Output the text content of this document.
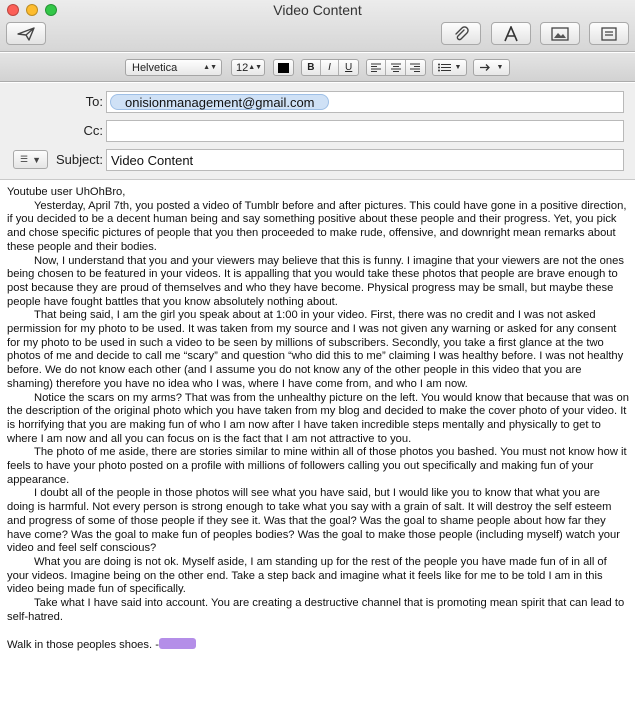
Video Content
Helvetica	▲▼	12 ▲▼	B	I	U	▼	▼
To:	onisionmanagement@gmail.com
Cc:
☰ ▼	Subject: Video Content

Youtube user UhOhBro,

Yesterday, April 7th, you posted a video of Tumblr before and after pictures. This could have gone in a positive direction, if you decided to be a decent human being and say something positive about these people and their progress. Yet, you pick and chose specific pictures of people that you then proceeded to make rude, offensive, and downright mean remarks about these people and their bodies.

Now, I understand that you and your viewers may believe that this is funny. I imagine that your viewers are not the ones being chosen to be featured in your videos. It is appalling that you would take these photos that people are brave enough to post because they are proud of themselves and who they have become. Physical progress may be small, but maybe these people have fought battles that you know absolutely nothing about.

That being said, I am the girl you speak about at 1:00 in your video. First, there was no credit and I was not asked permission for my photo to be used. It was taken from my source and I was not given any warning or asked for any consent for my photo to be used in such a video to be seen by millions of subscribers. Secondly, you take a first glance at the two photos of me and decide to call me “scary” and question “who did this to me” claiming I was healthy before. I was not healthy before. We do not know each other (and I assume you do not know any of the other people in this video that you are shaming) therefore you have no idea who I was, where I have come from, and who I am now.

Notice the scars on my arms? That was from the unhealthy picture on the left. You would know that because that was on the description of the original photo which you have taken from my blog and decided to make the cover photo of your video. It is horrifying that you are making fun of who I am now after I have taken incredible steps mentally and physically to get to where I am now and all you can focus on is the fact that I am not attractive to you.

The photo of me aside, there are stories similar to mine within all of those photos you bashed. You must not know how it feels to have your photo posted on a profile with millions of followers calling you out specifically and making fun of your appearance.

I doubt all of the people in those photos will see what you have said, but I would like you to know that what you are doing is harmful. Not every person is strong enough to take what you say with a grain of salt. It will destroy the self esteem and progress of some of those people if they see it. Was that the goal? Was the goal to shame people about how far they have come? Was the goal to make fun of peoples bodies? Was the goal to make those people (including myself) watch your video and feel self conscious?

What you are doing is not ok. Myself aside, I am standing up for the rest of the people you have made fun of in all of your videos. Imagine being on the other end. Take a step back and imagine what it feels like for me to be told I am in this video being made fun of specifically.

Take what I have said into account. You are creating a destructive channel that is promoting mean spirit that can lead to self-hatred.

Walk in those peoples shoes. -
